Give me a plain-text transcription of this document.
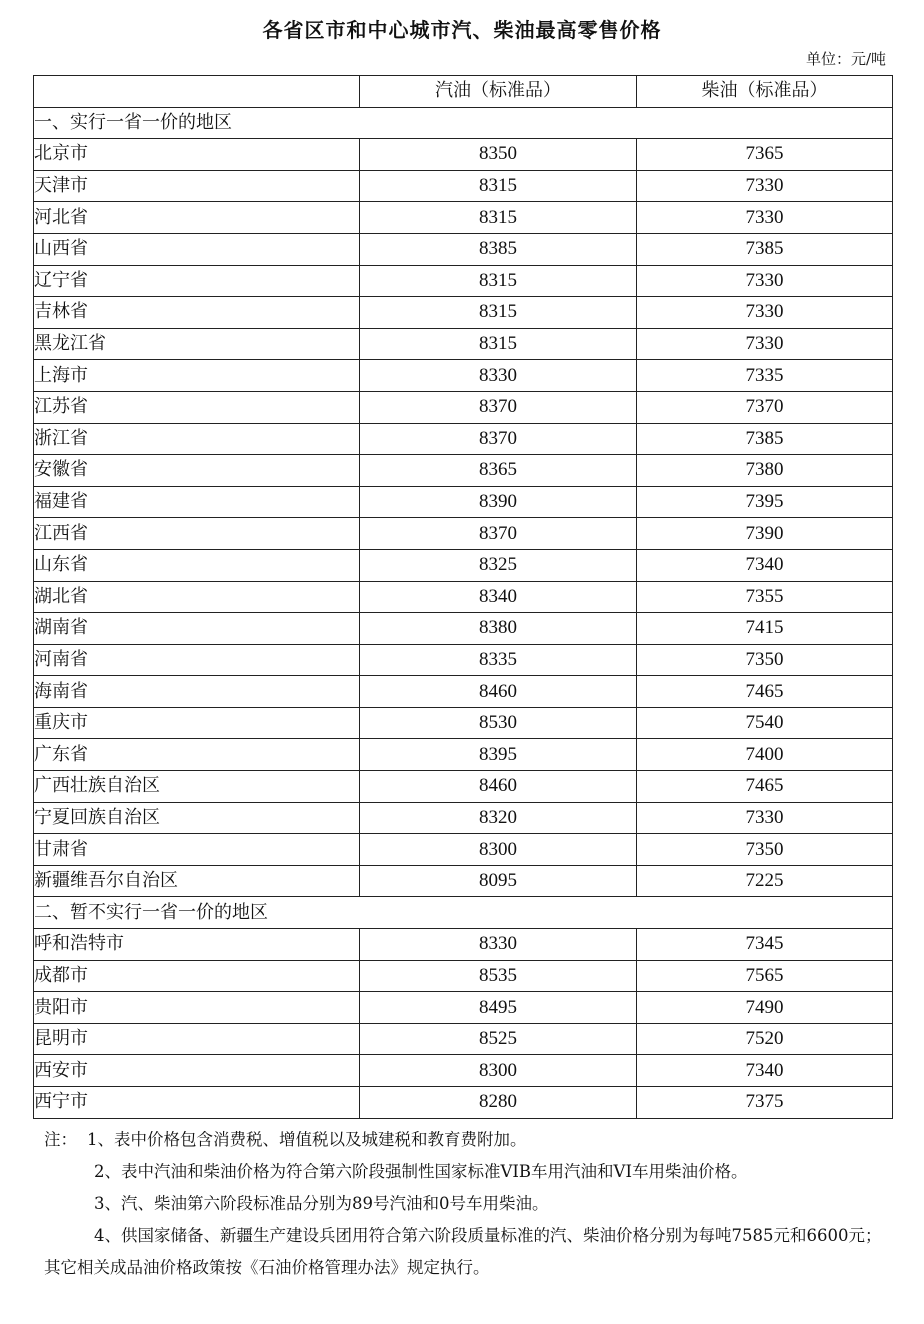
各省区市和中心城市汽、柴油最高零售价格
单位：元/吨
	汽油（标准品）	柴油（标准品）
一、实行一省一价的地区		
北京市	8350	7365
天津市	8315	7330
河北省	8315	7330
山西省	8385	7385
辽宁省	8315	7330
吉林省	8315	7330
黑龙江省	8315	7330
上海市	8330	7335
江苏省	8370	7370
浙江省	8370	7385
安徽省	8365	7380
福建省	8390	7395
江西省	8370	7390
山东省	8325	7340
湖北省	8340	7355
湖南省	8380	7415
河南省	8335	7350
海南省	8460	7465
重庆市	8530	7540
广东省	8395	7400
广西壮族自治区	8460	7465
宁夏回族自治区	8320	7330
甘肃省	8300	7350
新疆维吾尔自治区	8095	7225
二、暂不实行一省一价的地区		
呼和浩特市	8330	7345
成都市	8535	7565
贵阳市	8495	7490
昆明市	8525	7520
西安市	8300	7340
西宁市	8280	7375

注： 1、表中价格包含消费税、增值税以及城建税和教育费附加。

2、表中汽油和柴油价格为符合第六阶段强制性国家标准VIB车用汽油和VI车用柴油价格。

3、汽、柴油第六阶段标准品分别为89号汽油和0号车用柴油。

4、供国家储备、新疆生产建设兵团用符合第六阶段质量标准的汽、柴油价格分别为每吨7585元和6600元；其它相关成品油价格政策按《石油价格管理办法》规定执行。
